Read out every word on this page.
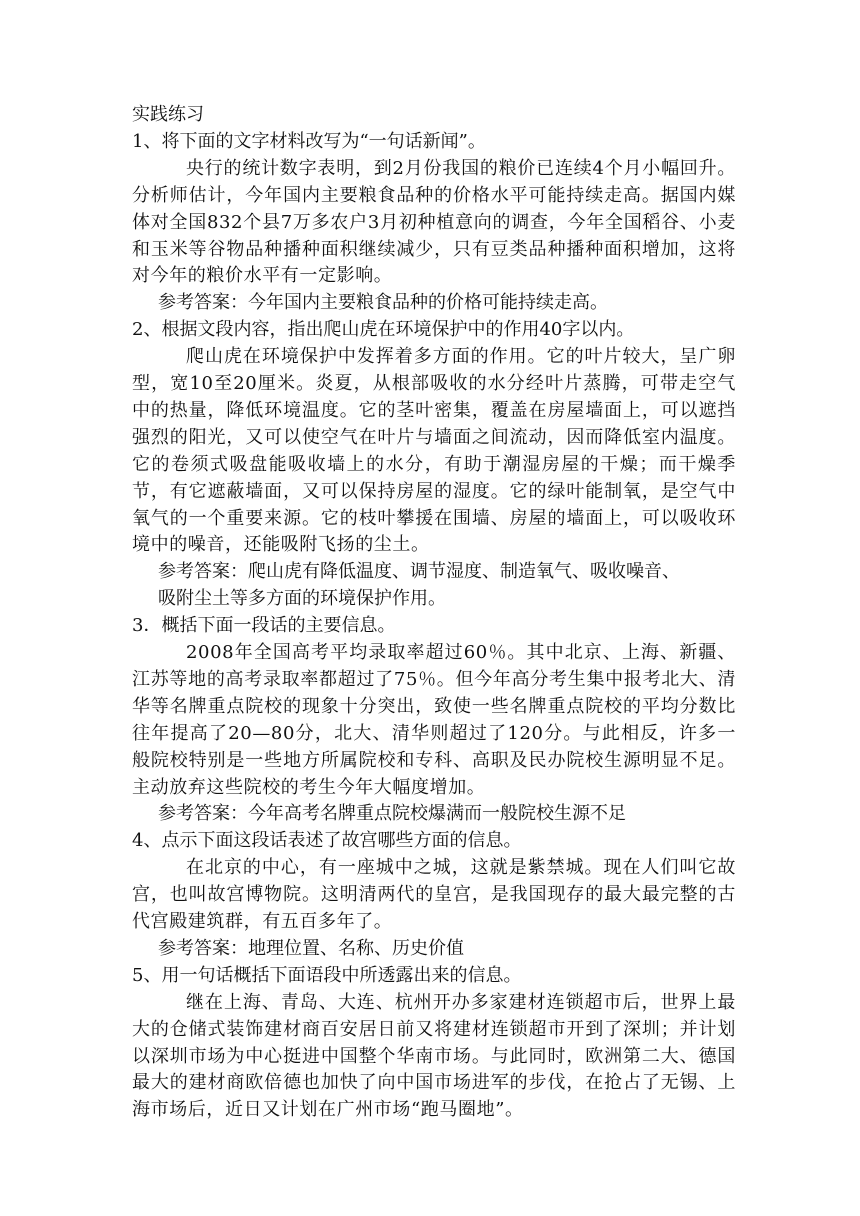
实践练习
1、将下面的文字材料改写为“一句话新闻”。
央行的统计数字表明，到2月份我国的粮价已连续4个月小幅回升。分析师估计，今年国内主要粮食品种的价格水平可能持续走高。据国内媒体对全国832个县7万多农户3月初种植意向的调查，今年全国稻谷、小麦和玉米等谷物品种播种面积继续减少，只有豆类品种播种面积增加，这将对今年的粮价水平有一定影响。
参考答案：今年国内主要粮食品种的价格可能持续走高。
2、根据文段内容，指出爬山虎在环境保护中的作用40字以内。
爬山虎在环境保护中发挥着多方面的作用。它的叶片较大，呈广卵型，宽10至20厘米。炎夏，从根部吸收的水分经叶片蒸腾，可带走空气中的热量，降低环境温度。它的茎叶密集，覆盖在房屋墙面上，可以遮挡强烈的阳光，又可以使空气在叶片与墙面之间流动，因而降低室内温度。它的卷须式吸盘能吸收墙上的水分，有助于潮湿房屋的干燥；而干燥季节，有它遮蔽墙面，又可以保持房屋的湿度。它的绿叶能制氧，是空气中氧气的一个重要来源。它的枝叶攀援在围墙、房屋的墙面上，可以吸收环境中的噪音，还能吸附飞扬的尘土。
参考答案：爬山虎有降低温度、调节湿度、制造氧气、吸收噪音、
吸附尘土等多方面的环境保护作用。
3．概括下面一段话的主要信息。
2008年全国高考平均录取率超过60％。其中北京、上海、新疆、江苏等地的高考录取率都超过了75％。但今年高分考生集中报考北大、清华等名牌重点院校的现象十分突出，致使一些名牌重点院校的平均分数比往年提高了20—80分，北大、清华则超过了120分。与此相反，许多一般院校特别是一些地方所属院校和专科、高职及民办院校生源明显不足。主动放弃这些院校的考生今年大幅度增加。
参考答案：今年高考名牌重点院校爆满而一般院校生源不足
4、点示下面这段话表述了故宫哪些方面的信息。
在北京的中心，有一座城中之城，这就是紫禁城。现在人们叫它故宫，也叫故宫博物院。这明清两代的皇宫，是我国现存的最大最完整的古代宫殿建筑群，有五百多年了。
参考答案：地理位置、名称、历史价值
5、用一句话概括下面语段中所透露出来的信息。
继在上海、青岛、大连、杭州开办多家建材连锁超市后，世界上最大的仓储式装饰建材商百安居日前又将建材连锁超市开到了深圳；并计划以深圳市场为中心挺进中国整个华南市场。与此同时，欧洲第二大、德国最大的建材商欧倍德也加快了向中国市场进军的步伐，在抢占了无锡、上海市场后，近日又计划在广州市场“跑马圈地”。
